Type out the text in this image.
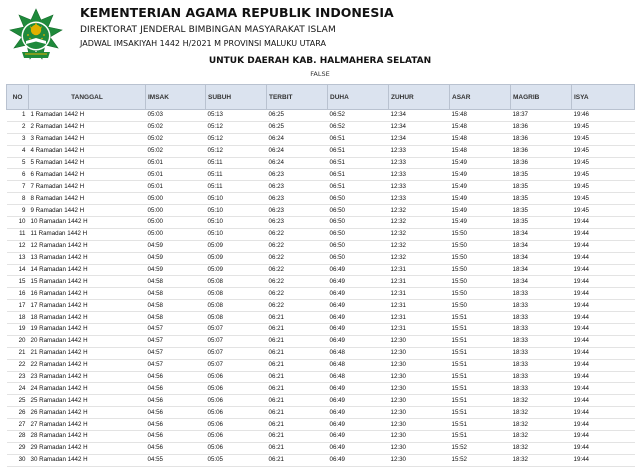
KEMENTERIAN AGAMA REPUBLIK INDONESIA
DIREKTORAT JENDERAL BIMBINGAN MASYARAKAT ISLAM
JADWAL IMSAKIYAH 1442 H/2021 M PROVINSI MALUKU UTARA
UNTUK DAERAH KAB. HALMAHERA SELATAN
FALSE
NO	TANGGAL	IMSAK	SUBUH	TERBIT	DUHA	ZUHUR	ASAR	MAGRIB	ISYA
1	1 Ramadan 1442 H	05:03	05:13	06:25	06:52	12:34	15:48	18:37	19:46
2	2 Ramadan 1442 H	05:02	05:12	06:25	06:52	12:34	15:48	18:36	19:45
3	3 Ramadan 1442 H	05:02	05:12	06:24	06:51	12:34	15:48	18:36	19:45
4	4 Ramadan 1442 H	05:02	05:12	06:24	06:51	12:33	15:48	18:36	19:45
5	5 Ramadan 1442 H	05:01	05:11	06:24	06:51	12:33	15:49	18:36	19:45
6	6 Ramadan 1442 H	05:01	05:11	06:23	06:51	12:33	15:49	18:35	19:45
7	7 Ramadan 1442 H	05:01	05:11	06:23	06:51	12:33	15:49	18:35	19:45
8	8 Ramadan 1442 H	05:00	05:10	06:23	06:50	12:33	15:49	18:35	19:45
9	9 Ramadan 1442 H	05:00	05:10	06:23	06:50	12:32	15:49	18:35	19:45
10	10 Ramadan 1442 H	05:00	05:10	06:23	06:50	12:32	15:49	18:35	19:44
11	11 Ramadan 1442 H	05:00	05:10	06:22	06:50	12:32	15:50	18:34	19:44
12	12 Ramadan 1442 H	04:59	05:09	06:22	06:50	12:32	15:50	18:34	19:44
13	13 Ramadan 1442 H	04:59	05:09	06:22	06:50	12:32	15:50	18:34	19:44
14	14 Ramadan 1442 H	04:59	05:09	06:22	06:49	12:31	15:50	18:34	19:44
15	15 Ramadan 1442 H	04:58	05:08	06:22	06:49	12:31	15:50	18:34	19:44
16	16 Ramadan 1442 H	04:58	05:08	06:22	06:49	12:31	15:50	18:33	19:44
17	17 Ramadan 1442 H	04:58	05:08	06:22	06:49	12:31	15:50	18:33	19:44
18	18 Ramadan 1442 H	04:58	05:08	06:21	06:49	12:31	15:51	18:33	19:44
19	19 Ramadan 1442 H	04:57	05:07	06:21	06:49	12:31	15:51	18:33	19:44
20	20 Ramadan 1442 H	04:57	05:07	06:21	06:49	12:30	15:51	18:33	19:44
21	21 Ramadan 1442 H	04:57	05:07	06:21	06:48	12:30	15:51	18:33	19:44
22	22 Ramadan 1442 H	04:57	05:07	06:21	06:48	12:30	15:51	18:33	19:44
23	23 Ramadan 1442 H	04:56	05:06	06:21	06:48	12:30	15:51	18:33	19:44
24	24 Ramadan 1442 H	04:56	05:06	06:21	06:49	12:30	15:51	18:33	19:44
25	25 Ramadan 1442 H	04:56	05:06	06:21	06:49	12:30	15:51	18:32	19:44
26	26 Ramadan 1442 H	04:56	05:06	06:21	06:49	12:30	15:51	18:32	19:44
27	27 Ramadan 1442 H	04:56	05:06	06:21	06:49	12:30	15:51	18:32	19:44
28	28 Ramadan 1442 H	04:56	05:06	06:21	06:49	12:30	15:51	18:32	19:44
29	29 Ramadan 1442 H	04:56	05:06	06:21	06:49	12:30	15:52	18:32	19:44
30	30 Ramadan 1442 H	04:55	05:05	06:21	06:49	12:30	15:52	18:32	19:44
